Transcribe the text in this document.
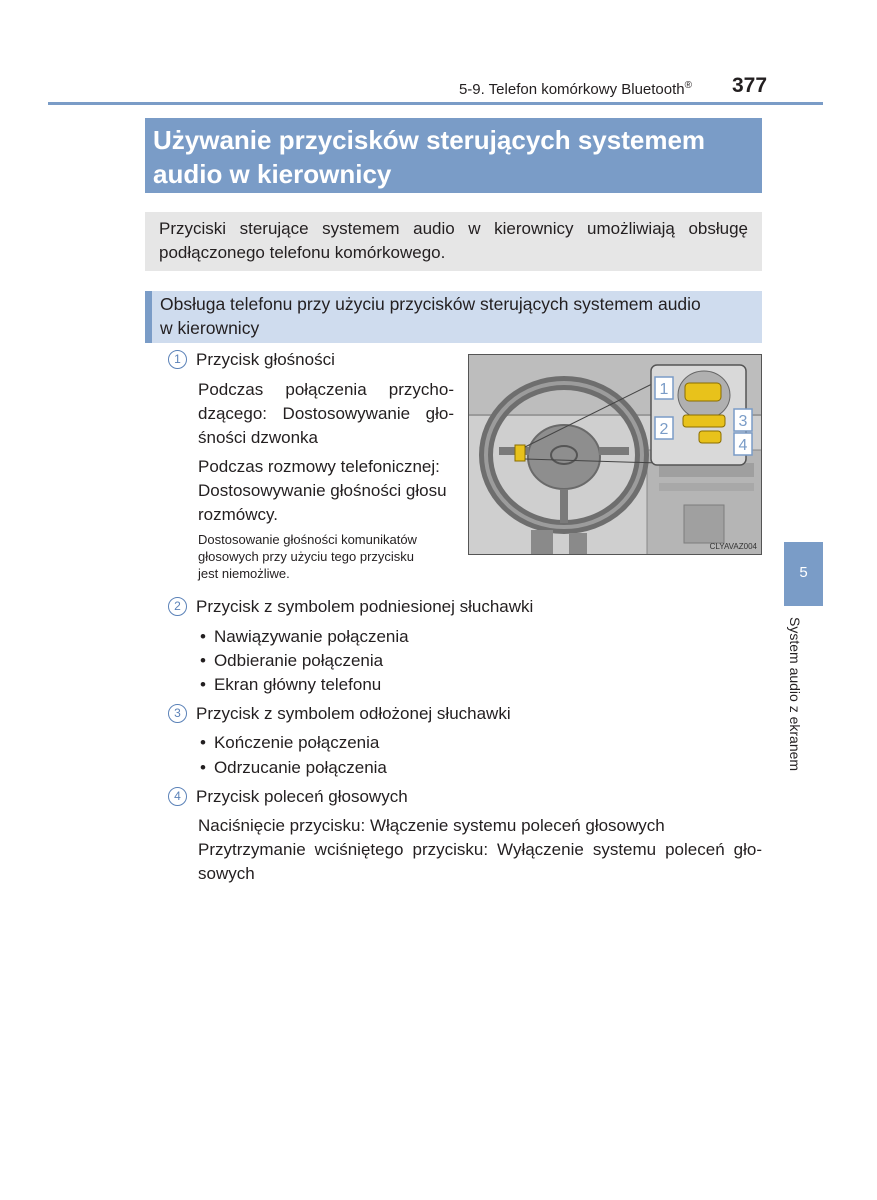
5-9. Telefon komórkowy Bluetooth® 377
Używanie przycisków sterujących systemem
audio w kierownicy
Przyciski sterujące systemem audio w kierownicy umożliwiają obsługę
podłączonego telefonu komórkowego.
Obsługa telefonu przy użyciu przycisków sterujących systemem audio
w kierownicy
1 Przycisk głośności
Podczas połączenia przycho-
dzącego: Dostosowywanie gło-
śności dzwonka
Podczas rozmowy telefonicznej:
Dostosowywanie głośności głosu
rozmówcy.
Dostosowanie głośności komunikatów
głosowych przy użyciu tego przycisku
jest niemożliwe.
1
2	3
4
CLYAVAZ004
2 Przycisk z symbolem podniesionej słuchawki
• Nawiązywanie połączenia
• Odbieranie połączenia
• Ekran główny telefonu
3 Przycisk z symbolem odłożonej słuchawki
• Kończenie połączenia
• Odrzucanie połączenia
4 Przycisk poleceń głosowych
Naciśnięcie przycisku: Włączenie systemu poleceń głosowych
Przytrzymanie wciśniętego przycisku: Wyłączenie systemu poleceń gło-
sowych
5
System audio z ekranem
